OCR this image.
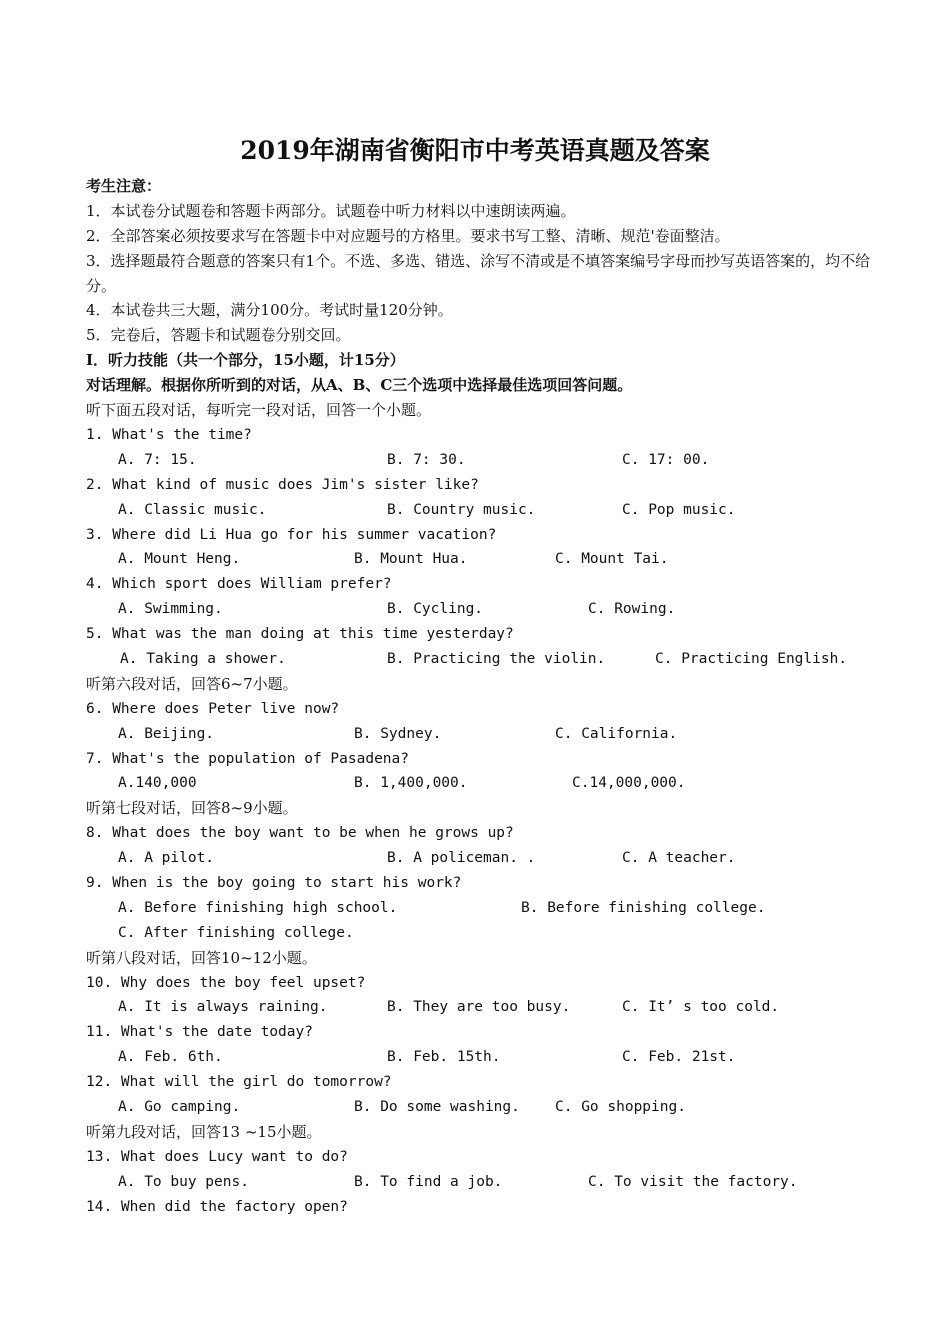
2019年湖南省衡阳市中考英语真题及答案
考生注意：
1．本试卷分试题卷和答题卡两部分。试题卷中听力材料以中速朗读两遍。
2．全部答案必须按要求写在答题卡中对应题号的方格里。要求书写工整、清晰、规范'卷面整洁。
3．选择题最符合题意的答案只有1个。不选、多选、错选、涂写不清或是不填答案编号字母而抄写英语答案的，均不给分。
4．本试卷共三大题，满分100分。考试时量120分钟。
5．完卷后，答题卡和试题卷分别交回。
I．听力技能（共一个部分，15小题，计15分）
对话理解。根据你所听到的对话，从A、B、C三个选项中选择最佳选项回答问题。
听下面五段对话，每听完一段对话，回答一个小题。
1. What's the time?
A. 7: 15.	B. 7: 30.	C. 17: 00.
2. What kind of music does Jim's sister like?
A. Classic music.	B. Country music.	C. Pop music.
3. Where did Li Hua go for his summer vacation?
A. Mount Heng.	B. Mount Hua.	C. Mount Tai.
4. Which sport does William prefer?
A. Swimming.	B. Cycling.	C. Rowing.
5. What was the man doing at this time yesterday?
A. Taking a shower.	B. Practicing the violin.	C. Practicing English.
听第六段对话，回答6~7小题。
6. Where does Peter live now?
A. Beijing.	B. Sydney.	C. California.
7. What's the population of Pasadena?
A.140,000	B. 1,400,000.	C.14,000,000.
听第七段对话，回答8~9小题。
8. What does the boy want to be when he grows up?
A. A pilot.	B. A policeman. .	C. A teacher.
9. When is the boy going to start his work?
A. Before finishing high school.	B. Before finishing college.
C. After finishing college.
听第八段对话，回答10~12小题。
10. Why does the boy feel upset?
A. It is always raining.	B. They are too busy.	C. It’ s too cold.
11. What's the date today?
A. Feb. 6th.	B. Feb. 15th.	C. Feb. 21st.
12. What will the girl do tomorrow?
A. Go camping.	B. Do some washing. C. Go shopping.
听第九段对话，回答13 ~15小题。
13. What does Lucy want to do?
A. To buy pens.	B. To find a job.	C. To visit the factory.
14. When did the factory open?
